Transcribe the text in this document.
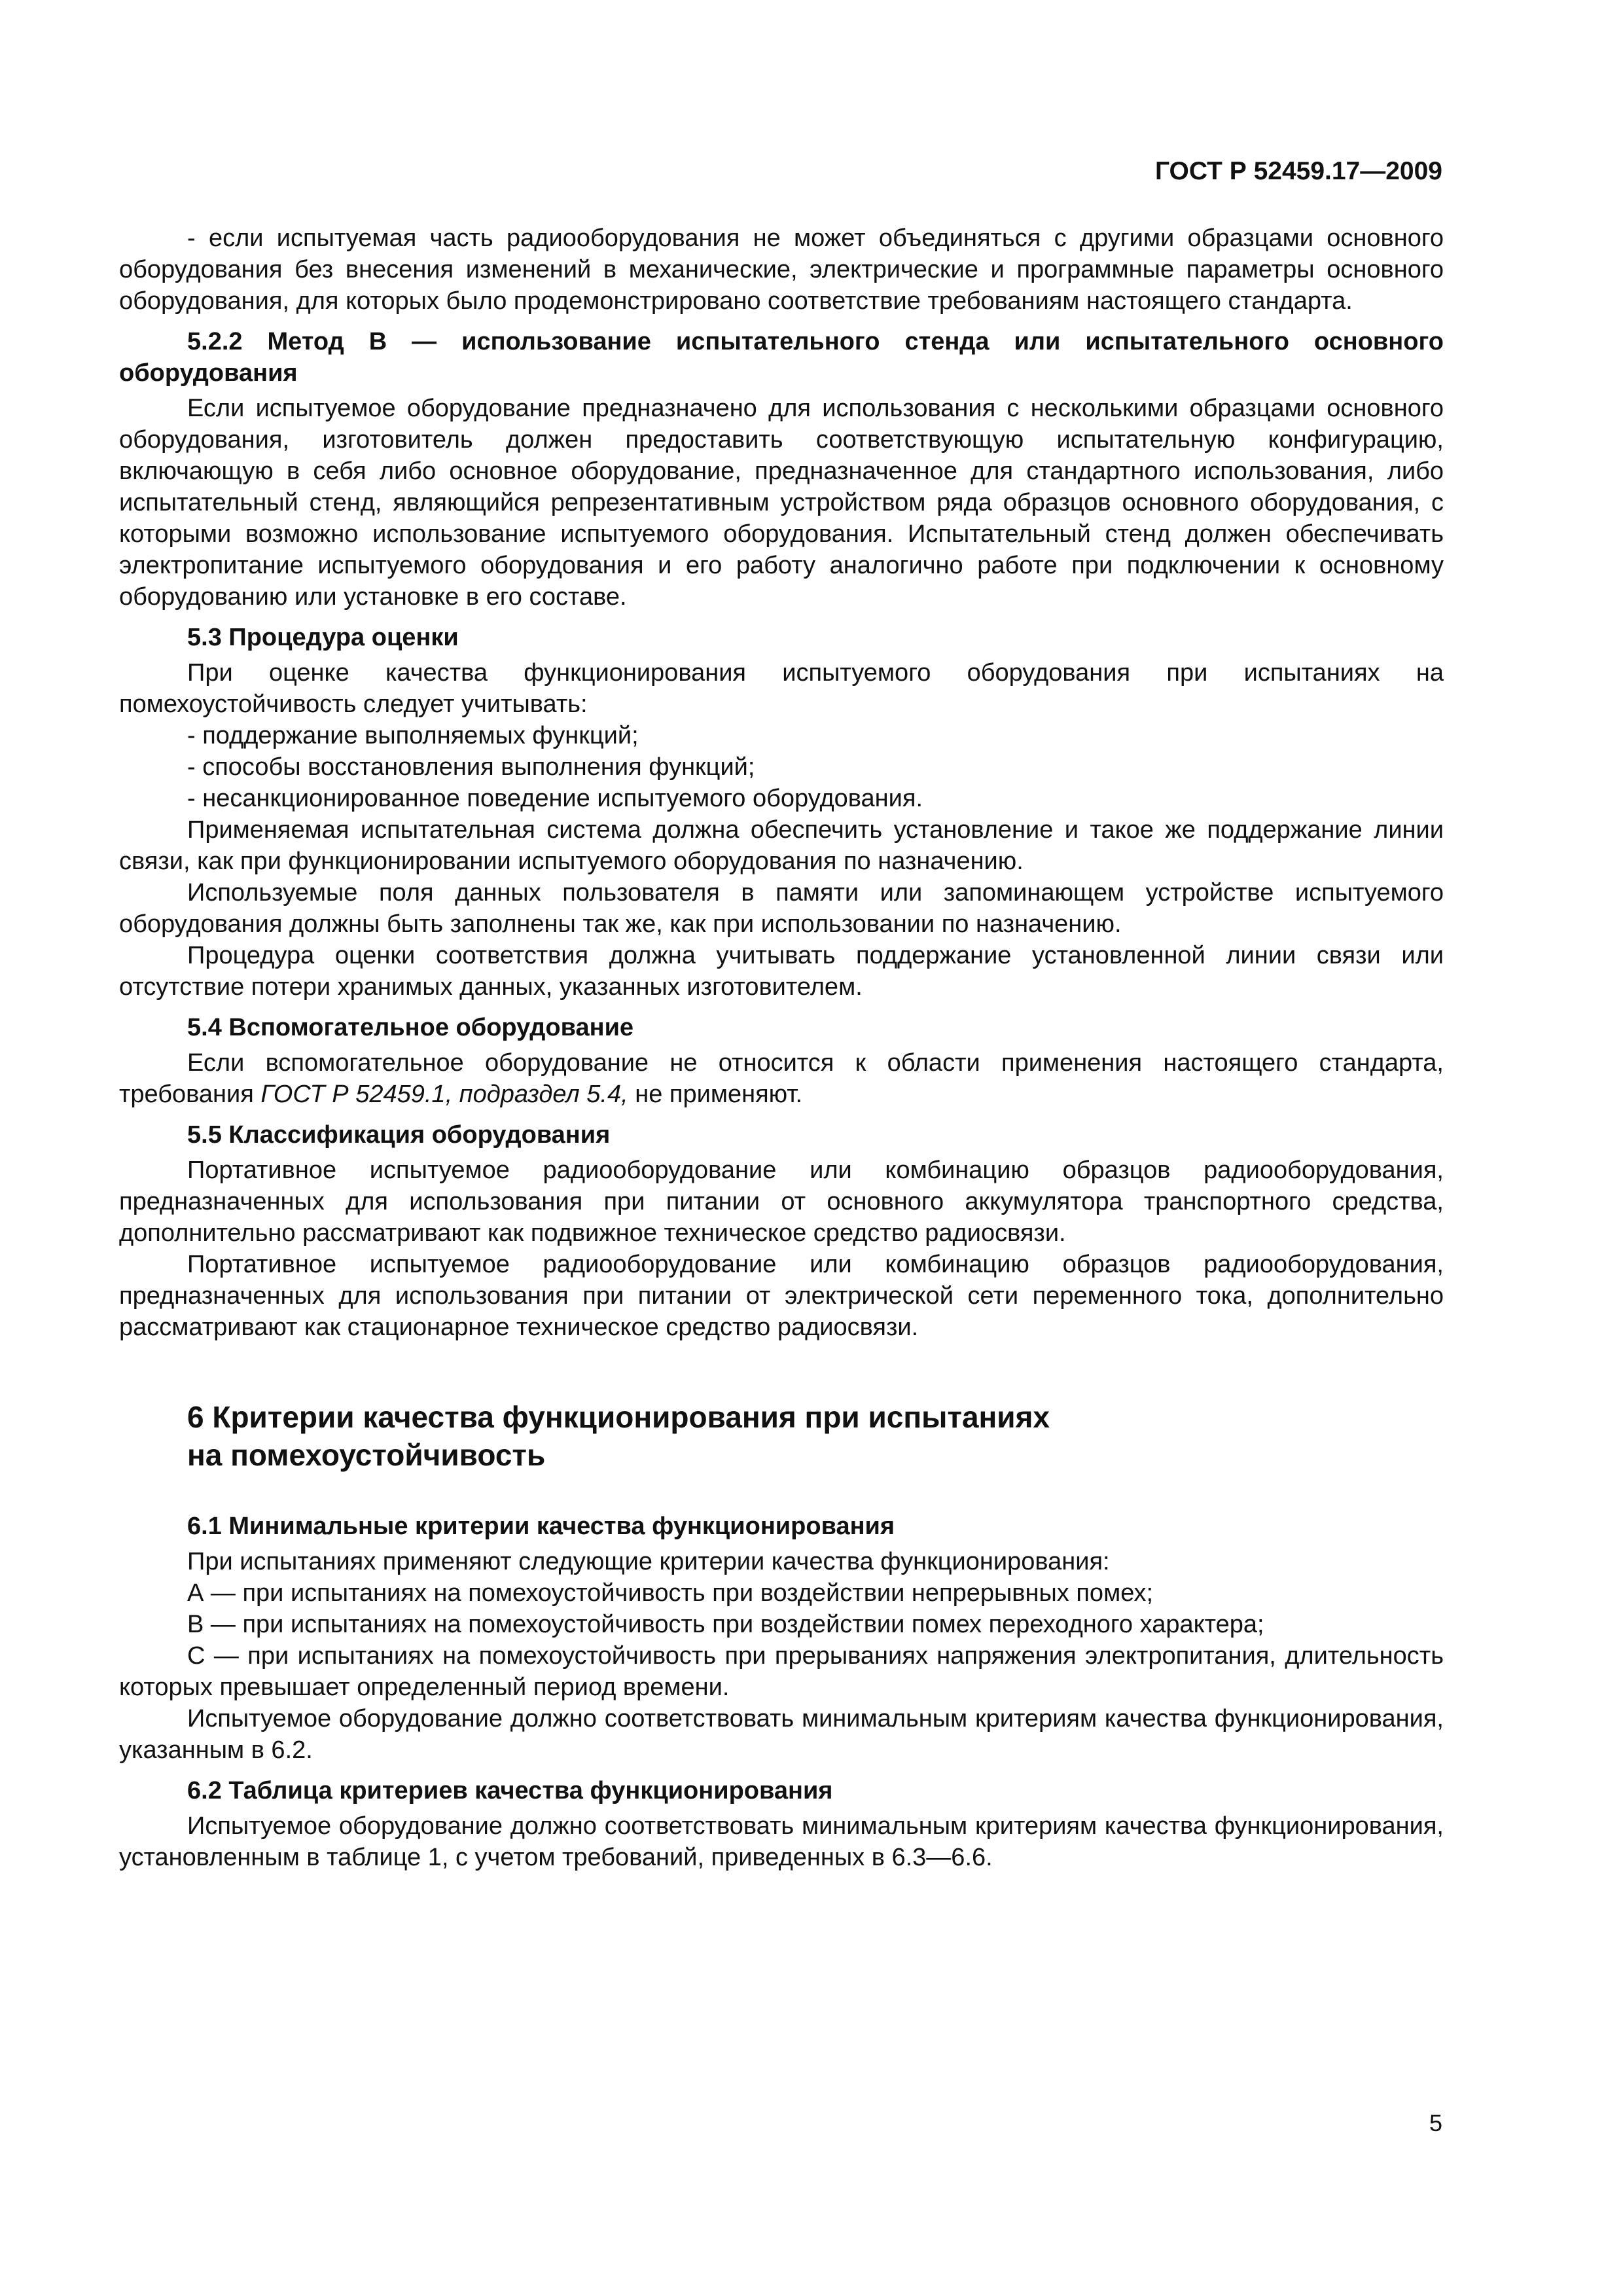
ГОСТ Р 52459.17—2009

- если испытуемая часть радиооборудования не может объединяться с другими образцами основного оборудования без внесения изменений в механические, электрические и программные параметры основного оборудования, для которых было продемонстрировано соответствие требованиям настоящего стандарта.

5.2.2 Метод В — использование испытательного стенда или испытательного основного оборудования

Если испытуемое оборудование предназначено для использования с несколькими образцами основного оборудования, изготовитель должен предоставить соответствующую испытательную конфигурацию, включающую в себя либо основное оборудование, предназначенное для стандартного использования, либо испытательный стенд, являющийся репрезентативным устройством ряда образцов основного оборудования, с которыми возможно использование испытуемого оборудования. Испытательный стенд должен обеспечивать электропитание испытуемого оборудования и его работу аналогично работе при подключении к основному оборудованию или установке в его составе.

5.3 Процедура оценки

При оценке качества функционирования испытуемого оборудования при испытаниях на помехоустойчивость следует учитывать:

- поддержание выполняемых функций;

- способы восстановления выполнения функций;

- несанкционированное поведение испытуемого оборудования.

Применяемая испытательная система должна обеспечить установление и такое же поддержание линии связи, как при функционировании испытуемого оборудования по назначению.

Используемые поля данных пользователя в памяти или запоминающем устройстве испытуемого оборудования должны быть заполнены так же, как при использовании по назначению.

Процедура оценки соответствия должна учитывать поддержание установленной линии связи или отсутствие потери хранимых данных, указанных изготовителем.

5.4 Вспомогательное оборудование

Если вспомогательное оборудование не относится к области применения настоящего стандарта, требования ГОСТ Р 52459.1, подраздел 5.4, не применяют.

5.5 Классификация оборудования

Портативное испытуемое радиооборудование или комбинацию образцов радиооборудования, предназначенных для использования при питании от основного аккумулятора транспортного средства, дополнительно рассматривают как подвижное техническое средство радиосвязи.

Портативное испытуемое радиооборудование или комбинацию образцов радиооборудования, предназначенных для использования при питании от электрической сети переменного тока, дополнительно рассматривают как стационарное техническое средство радиосвязи.

6 Критерии качества функционирования при испытаниях
на помехоустойчивость

6.1 Минимальные критерии качества функционирования

При испытаниях применяют следующие критерии качества функционирования:

А — при испытаниях на помехоустойчивость при воздействии непрерывных помех;

В — при испытаниях на помехоустойчивость при воздействии помех переходного характера;

С — при испытаниях на помехоустойчивость при прерываниях напряжения электропитания, длительность которых превышает определенный период времени.

Испытуемое оборудование должно соответствовать минимальным критериям качества функционирования, указанным в 6.2.

6.2 Таблица критериев качества функционирования

Испытуемое оборудование должно соответствовать минимальным критериям качества функционирования, установленным в таблице 1, с учетом требований, приведенных в 6.3—6.6.

5
